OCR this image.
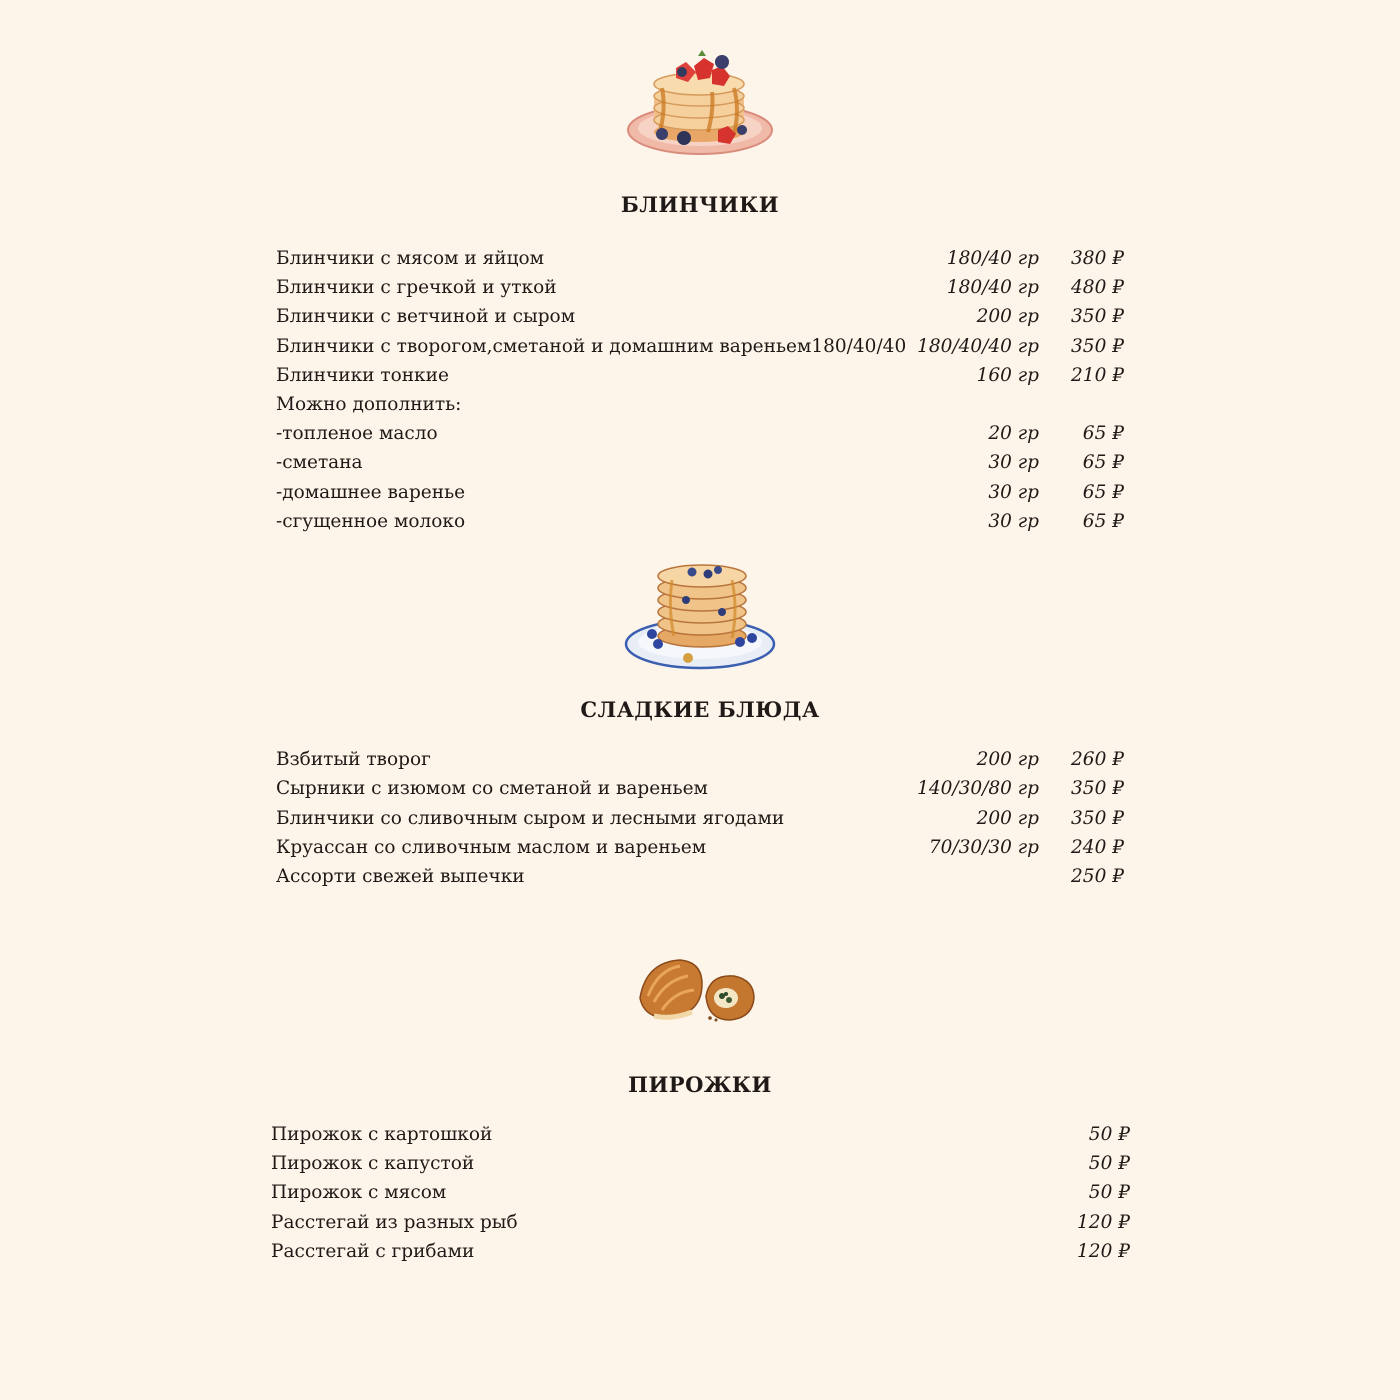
БЛИНЧИКИ
Блинчики с мясом и яйцом	180/40 гр 380 ₽
Блинчики с гречкой и уткой	180/40 гр 480 ₽
Блинчики с ветчиной и сыром	200 гр 350 ₽
Блинчики с творогом,сметаной и домашним вареньем180/40/40 180/40/40 гр 350 ₽
Блинчики тонкие	160 гр 210 ₽
Можно дополнить:
-топленое масло	20 гр 65 ₽
-сметана	30 гр 65 ₽
-домашнее варенье	30 гр 65 ₽
-сгущенное молоко	30 гр 65 ₽
СЛАДКИЕ БЛЮДА
Взбитый творог	200 гр 260 ₽
Сырники с изюмом со сметаной и вареньем	140/30/80 гр 350 ₽
Блинчики со сливочным сыром и лесными ягодами	200 гр 350 ₽
Круассан со сливочным маслом и вареньем	70/30/30 гр 240 ₽
Ассорти свежей выпечки	250 ₽
ПИРОЖКИ
Пирожок с картошкой	50 ₽
Пирожок с капустой	50 ₽
Пирожок с мясом	50 ₽
Расстегай из разных рыб	120 ₽
Расстегай с грибами	120 ₽
